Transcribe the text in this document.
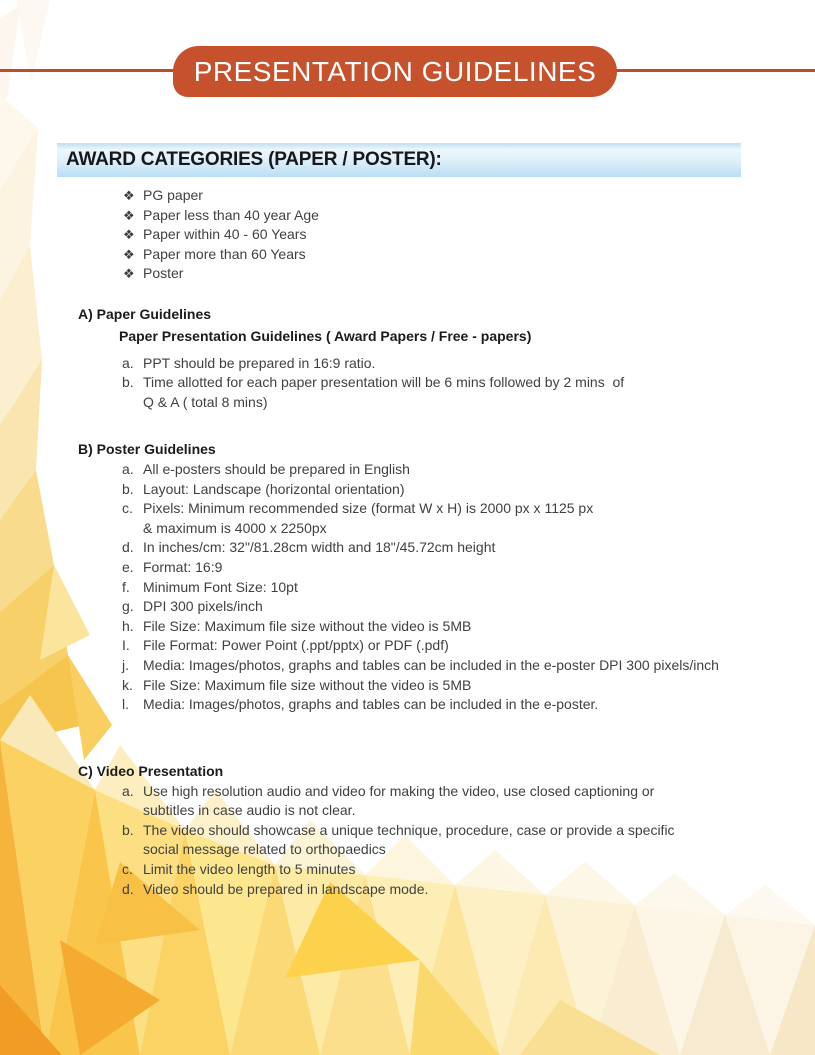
PRESENTATION GUIDELINES
AWARD CATEGORIES (PAPER / POSTER):
❖ PG paper
❖ Paper less than 40 year Age
❖ Paper within 40 - 60 Years
❖ Paper more than 60 Years
❖ Poster
A) Paper Guidelines
Paper Presentation Guidelines ( Award Papers / Free - papers)
a. PPT should be prepared in 16:9 ratio.
b. Time allotted for each paper presentation will be 6 mins followed by 2 mins  of
Q & A ( total 8 mins)
B) Poster Guidelines
a. All e-posters should be prepared in English
b. Layout: Landscape (horizontal orientation)
c. Pixels: Minimum recommended size (format W x H) is 2000 px x 1125 px
& maximum is 4000 x 2250px
d. In inches/cm: 32"/81.28cm width and 18"/45.72cm height
e. Format: 16:9
f. Minimum Font Size: 10pt
g. DPI 300 pixels/inch
h. File Size: Maximum file size without the video is 5MB
I. File Format: Power Point (.ppt/pptx) or PDF (.pdf)
j.	Media: Images/photos, graphs and tables can be included in the e-poster DPI 300 pixels/inch
k. File Size: Maximum file size without the video is 5MB
l.	Media: Images/photos, graphs and tables can be included in the e-poster.
C) Video Presentation
a. Use high resolution audio and video for making the video, use closed captioning or
subtitles in case audio is not clear.
b. The video should showcase a unique technique, procedure, case or provide a specific
social message related to orthopaedics
c. Limit the video length to 5 minutes
d. Video should be prepared in landscape mode.
